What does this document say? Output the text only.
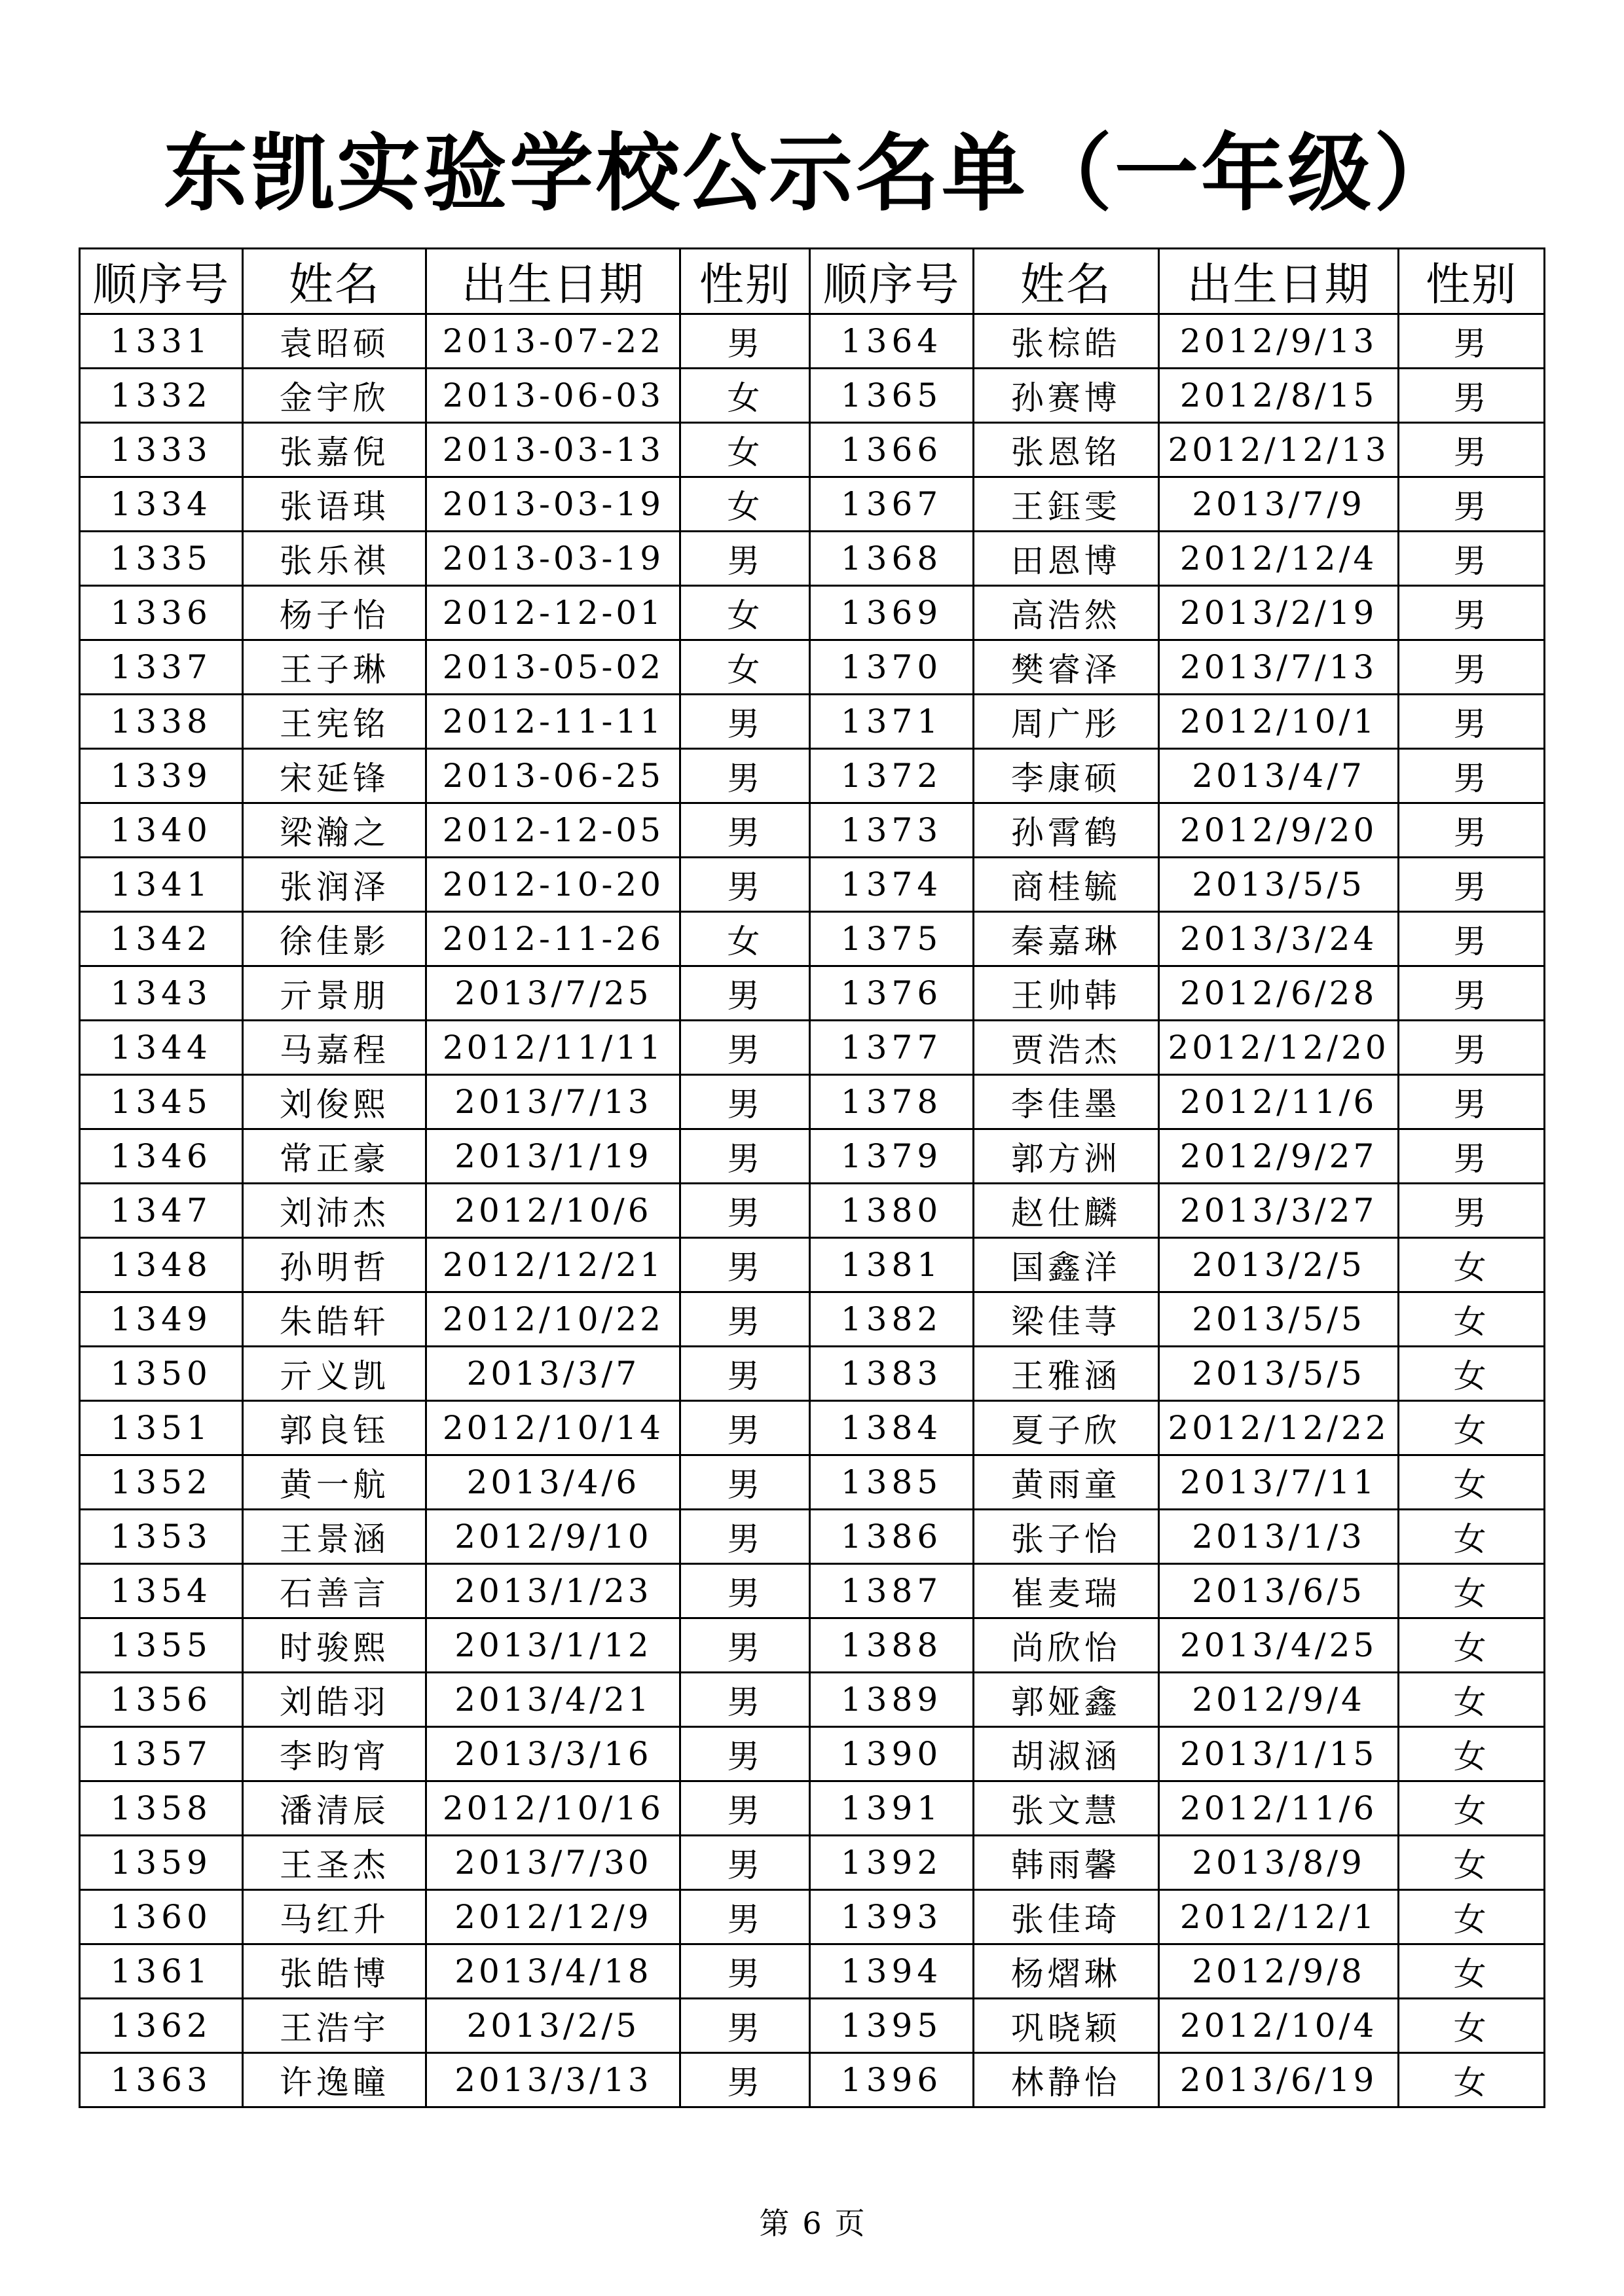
东凯实验学校公示名单（一年级）
顺序号	姓名	出生日期	性别	顺序号	姓名	出生日期	性别
1331	袁昭硕	2013-07-22	男	1364	张棕皓	2012/9/13	男
1332	金宇欣	2013-06-03	女	1365	孙赛博	2012/8/15	男
1333	张嘉倪	2013-03-13	女	1366	张恩铭	2012/12/13	男
1334	张语琪	2013-03-19	女	1367	王鈺雯	2013/7/9	男
1335	张乐祺	2013-03-19	男	1368	田恩博	2012/12/4	男
1336	杨子怡	2012-12-01	女	1369	高浩然	2013/2/19	男
1337	王子琳	2013-05-02	女	1370	樊睿泽	2013/7/13	男
1338	王宪铭	2012-11-11	男	1371	周广彤	2012/10/1	男
1339	宋延锋	2013-06-25	男	1372	李康硕	2013/4/7	男
1340	梁瀚之	2012-12-05	男	1373	孙霄鹤	2012/9/20	男
1341	张润泽	2012-10-20	男	1374	商桂毓	2013/5/5	男
1342	徐佳影	2012-11-26	女	1375	秦嘉琳	2013/3/24	男
1343	亓景朋	2013/7/25	男	1376	王帅韩	2012/6/28	男
1344	马嘉程	2012/11/11	男	1377	贾浩杰	2012/12/20	男
1345	刘俊熙	2013/7/13	男	1378	李佳墨	2012/11/6	男
1346	常正豪	2013/1/19	男	1379	郭方洲	2012/9/27	男
1347	刘沛杰	2012/10/6	男	1380	赵仕麟	2013/3/27	男
1348	孙明哲	2012/12/21	男	1381	国鑫洋	2013/2/5	女
1349	朱皓轩	2012/10/22	男	1382	梁佳荨	2013/5/5	女
1350	亓义凯	2013/3/7	男	1383	王雅涵	2013/5/5	女
1351	郭良钰	2012/10/14	男	1384	夏子欣	2012/12/22	女
1352	黄一航	2013/4/6	男	1385	黄雨童	2013/7/11	女
1353	王景涵	2012/9/10	男	1386	张子怡	2013/1/3	女
1354	石善言	2013/1/23	男	1387	崔麦瑞	2013/6/5	女
1355	时骏熙	2013/1/12	男	1388	尚欣怡	2013/4/25	女
1356	刘皓羽	2013/4/21	男	1389	郭娅鑫	2012/9/4	女
1357	李昀宵	2013/3/16	男	1390	胡淑涵	2013/1/15	女
1358	潘清辰	2012/10/16	男	1391	张文慧	2012/11/6	女
1359	王圣杰	2013/7/30	男	1392	韩雨馨	2013/8/9	女
1360	马红升	2012/12/9	男	1393	张佳琦	2012/12/1	女
1361	张皓博	2013/4/18	男	1394	杨熠琳	2012/9/8	女
1362	王浩宇	2013/2/5	男	1395	巩晓颖	2012/10/4	女
1363	许逸瞳	2013/3/13	男	1396	林静怡	2013/6/19	女
第 6 页
